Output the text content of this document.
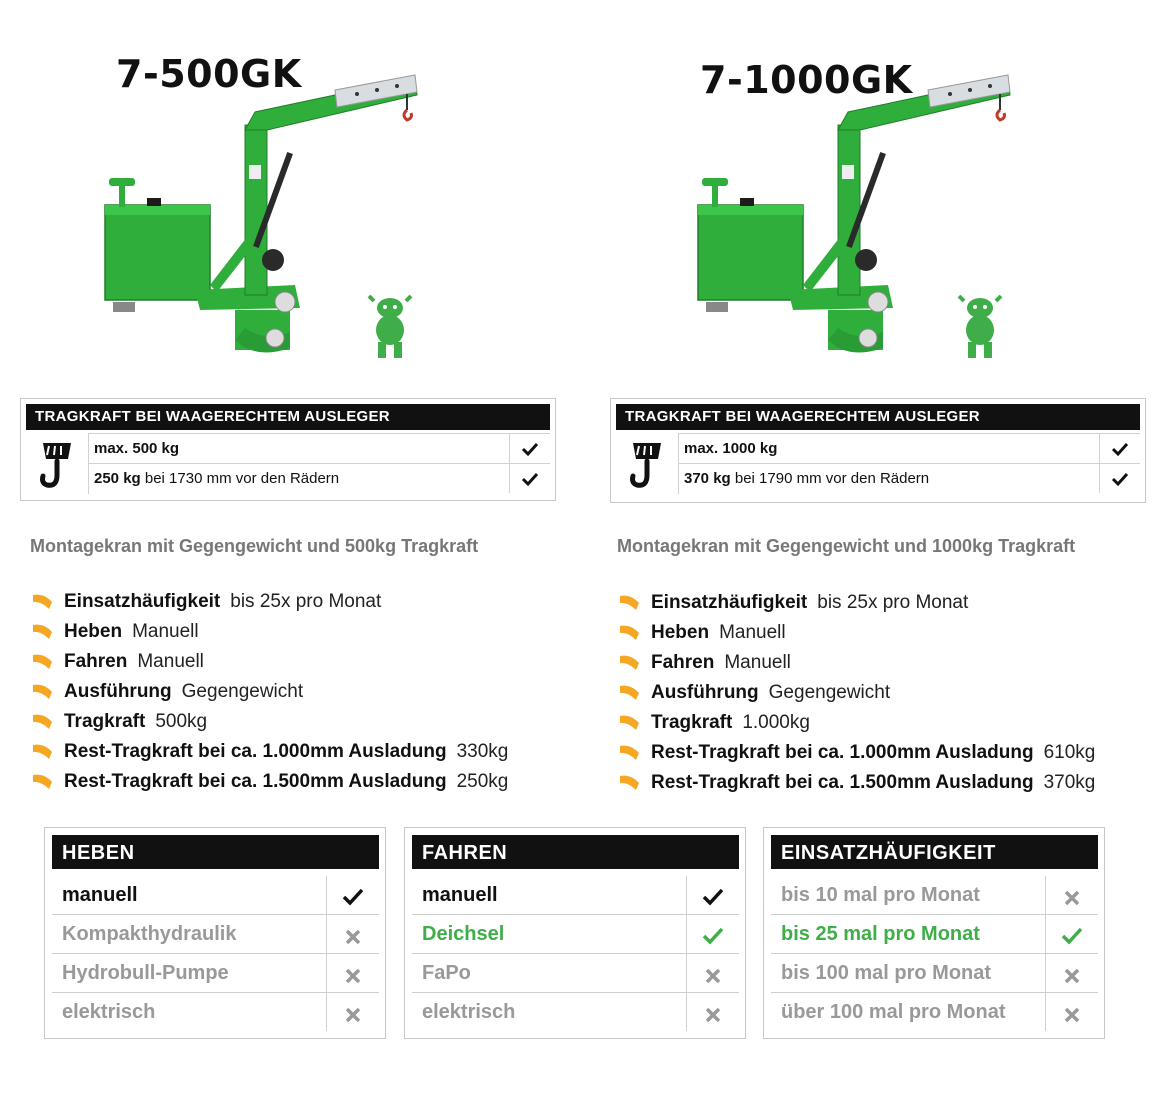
7-500GK
TRAGKRAFT BEI WAAGERECHTEM AUSLEGER
max. 500 kg
250 kg bei 1730 mm vor den Rädern
Montagekran mit Gegengewicht und 500kg Tragkraft
Einsatzhäufigkeit bis 25x pro Monat
Heben Manuell
Fahren Manuell
Ausführung Gegengewicht
Tragkraft 500kg
Rest-Tragkraft bei ca. 1.000mm Ausladung 330kg
Rest-Tragkraft bei ca. 1.500mm Ausladung 250kg
7-1000GK
TRAGKRAFT BEI WAAGERECHTEM AUSLEGER
max. 1000 kg
370 kg bei 1790 mm vor den Rädern
Montagekran mit Gegengewicht und 1000kg Tragkraft
Einsatzhäufigkeit bis 25x pro Monat
Heben Manuell
Fahren Manuell
Ausführung Gegengewicht
Tragkraft 1.000kg
Rest-Tragkraft bei ca. 1.000mm Ausladung 610kg
Rest-Tragkraft bei ca. 1.500mm Ausladung 370kg
HEBEN
manuell
Kompakthydraulik
Hydrobull-Pumpe
elektrisch
FAHREN
manuell
Deichsel
FaPo
elektrisch
EINSATZHÄUFIGKEIT
bis 10 mal pro Monat
bis 25 mal pro Monat
bis 100 mal pro Monat
über 100 mal pro Monat
